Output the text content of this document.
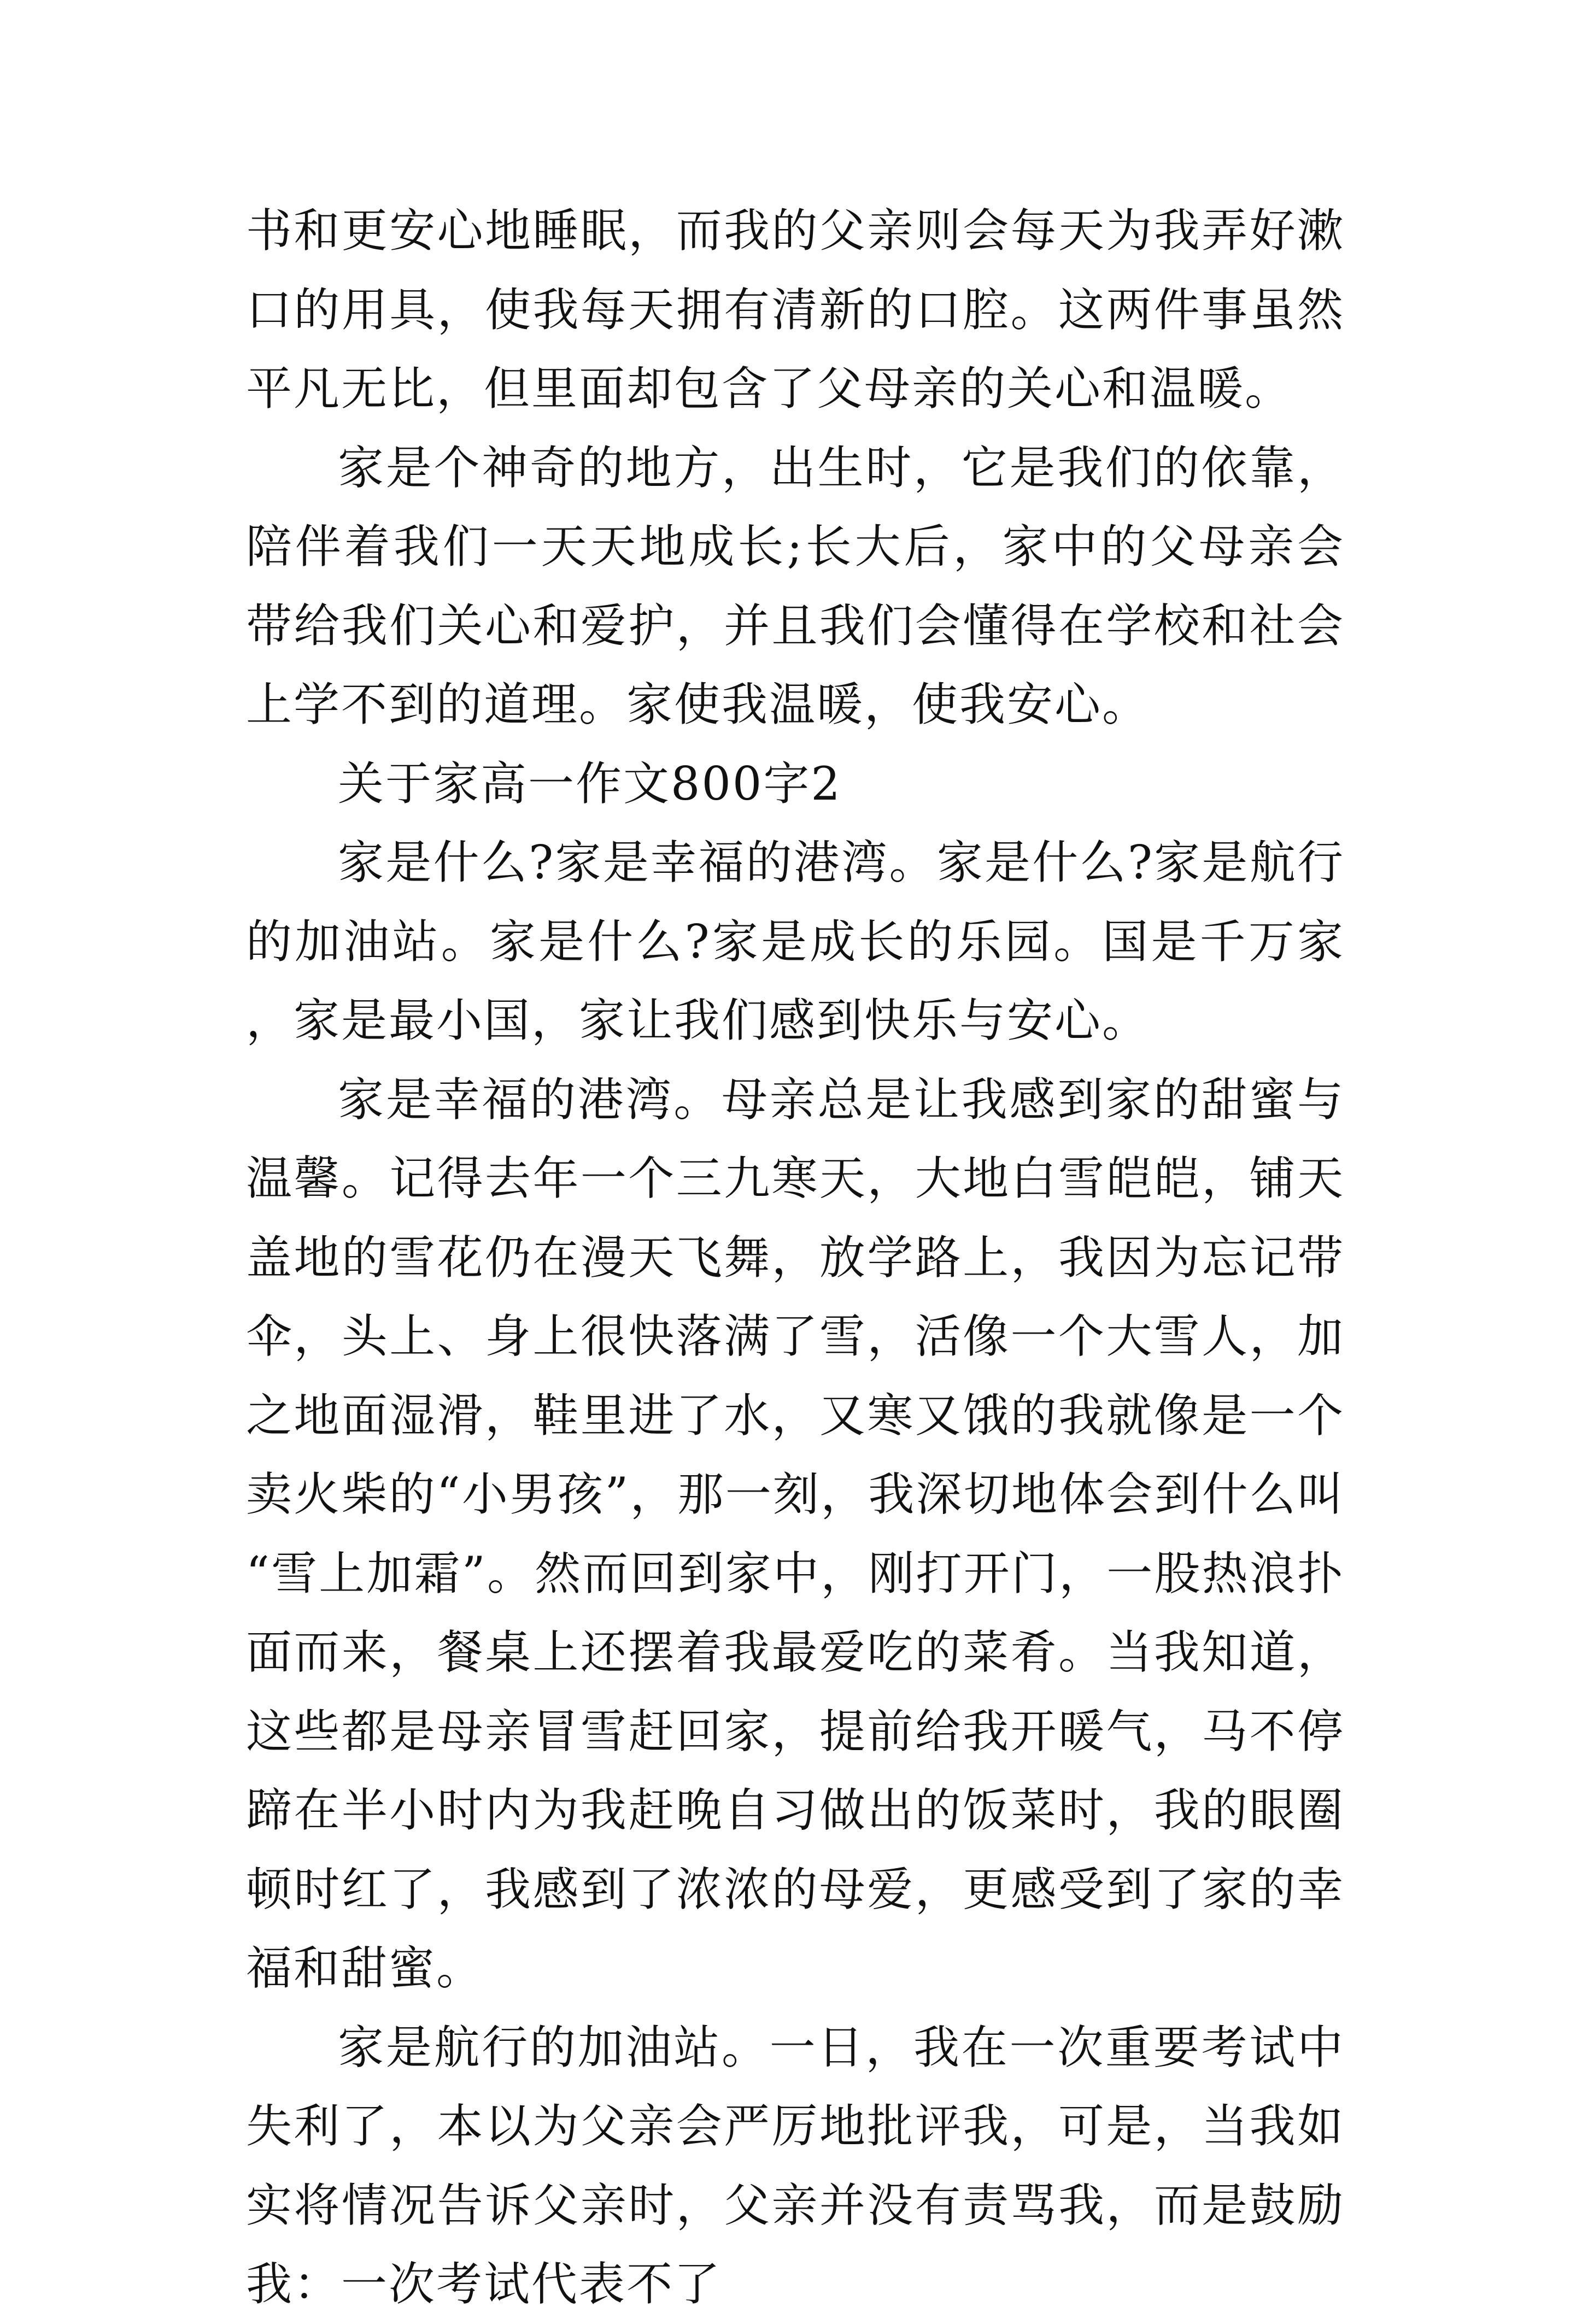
书和更安心地睡眠，而我的父亲则会每天为我弄好漱口的用具，使我每天拥有清新的口腔。这两件事虽然平凡无比，但里面却包含了父母亲的关心和温暖。

家是个神奇的地方，出生时，它是我们的依靠，陪伴着我们一天天地成长;长大后，家中的父母亲会带给我们关心和爱护，并且我们会懂得在学校和社会上学不到的道理。家使我温暖，使我安心。

关于家高一作文800字2

家是什么?家是幸福的港湾。家是什么?家是航行的加油站。家是什么?家是成长的乐园。国是千万家，家是最小国，家让我们感到快乐与安心。

家是幸福的港湾。母亲总是让我感到家的甜蜜与温馨。记得去年一个三九寒天，大地白雪皑皑，铺天盖地的雪花仍在漫天飞舞，放学路上，我因为忘记带伞，头上、身上很快落满了雪，活像一个大雪人，加之地面湿滑，鞋里进了水，又寒又饿的我就像是一个卖火柴的“小男孩”，那一刻，我深切地体会到什么叫“雪上加霜”。然而回到家中，刚打开门，一股热浪扑面而来，餐桌上还摆着我最爱吃的菜肴。当我知道，这些都是母亲冒雪赶回家，提前给我开暖气，马不停蹄在半小时内为我赶晚自习做出的饭菜时，我的眼圈顿时红了，我感到了浓浓的母爱，更感受到了家的幸福和甜蜜。

家是航行的加油站。一日，我在一次重要考试中失利了，本以为父亲会严厉地批评我，可是，当我如实将情况告诉父亲时，父亲并没有责骂我，而是鼓励我：一次考试代表不了
